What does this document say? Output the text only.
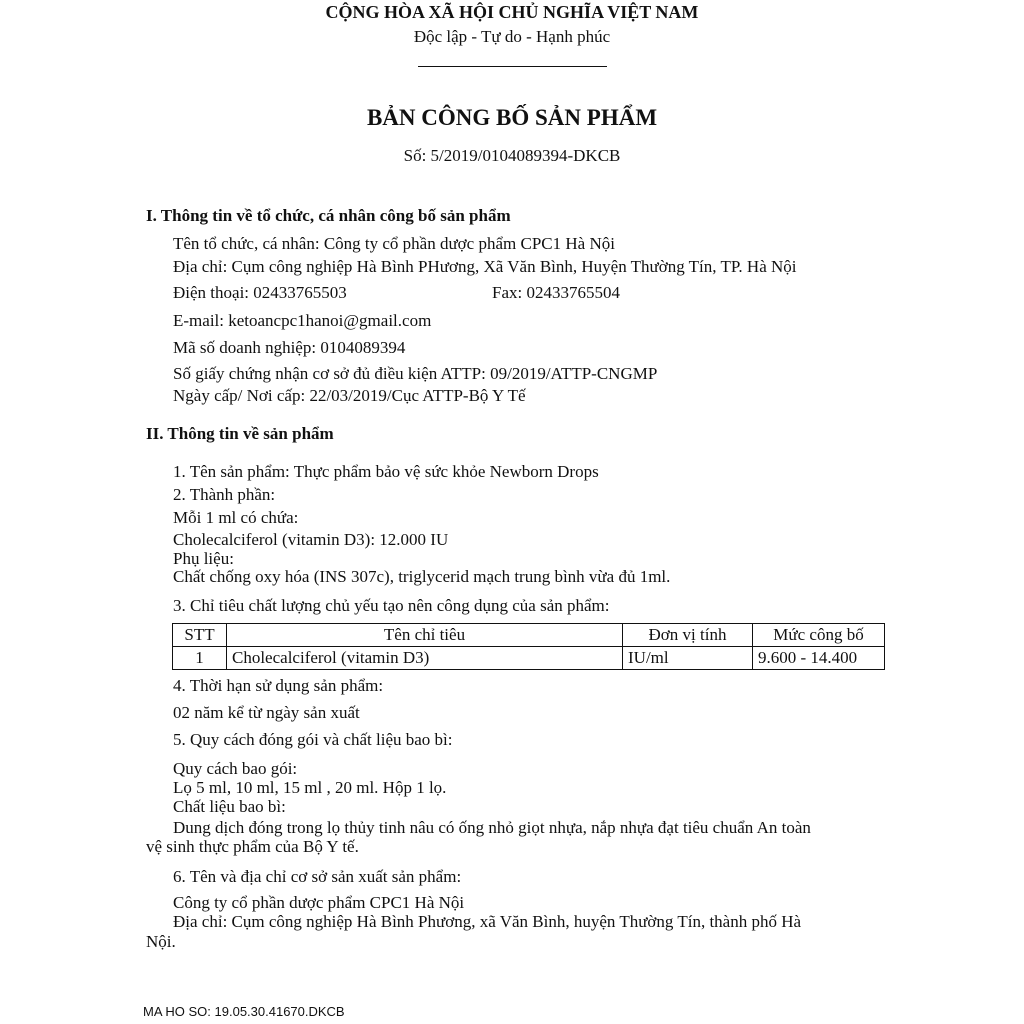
CỘNG HÒA XÃ HỘI CHỦ NGHĨA VIỆT NAM
Độc lập - Tự do - Hạnh phúc
BẢN CÔNG BỐ SẢN PHẨM
Số: 5/2019/0104089394-DKCB
I. Thông tin về tổ chức, cá nhân công bố sản phẩm
Tên tổ chức, cá nhân: Công ty cổ phần dược phẩm CPC1 Hà Nội
Địa chỉ: Cụm công nghiệp Hà Bình PHương, Xã Văn Bình, Huyện Thường Tín, TP. Hà Nội
Điện thoại: 02433765503	Fax: 02433765504
E-mail: ketoancpc1hanoi@gmail.com
Mã số doanh nghiệp: 0104089394
Số giấy chứng nhận cơ sở đủ điều kiện ATTP: 09/2019/ATTP-CNGMP
Ngày cấp/ Nơi cấp: 22/03/2019/Cục ATTP-Bộ Y Tế
II. Thông tin về sản phẩm
1. Tên sản phẩm: Thực phẩm bảo vệ sức khỏe Newborn Drops
2. Thành phần:
Mỗi 1 ml có chứa:
Cholecalciferol (vitamin D3): 12.000 IU
Phụ liệu:
Chất chống oxy hóa (INS 307c), triglycerid mạch trung bình vừa đủ 1ml.
3. Chỉ tiêu chất lượng chủ yếu tạo nên công dụng của sản phẩm:
STT	Tên chỉ tiêu	Đơn vị tính	Mức công bố
1	Cholecalciferol (vitamin D3)	IU/ml	9.600 - 14.400
4. Thời hạn sử dụng sản phẩm:
02 năm kể từ ngày sản xuất
5. Quy cách đóng gói và chất liệu bao bì:
Quy cách bao gói:
Lọ 5 ml, 10 ml, 15 ml , 20 ml. Hộp 1 lọ.
Chất liệu bao bì:
Dung dịch đóng trong lọ thủy tinh nâu có ống nhỏ giọt nhựa, nắp nhựa đạt tiêu chuẩn An toàn
vệ sinh thực phẩm của Bộ Y tế.
6. Tên và địa chỉ cơ sở sản xuất sản phẩm:
Công ty cổ phần dược phẩm CPC1 Hà Nội
Địa chỉ: Cụm công nghiệp Hà Bình Phương, xã Văn Bình, huyện Thường Tín, thành phố Hà
Nội.
MA HO SO: 19.05.30.41670.DKCB
